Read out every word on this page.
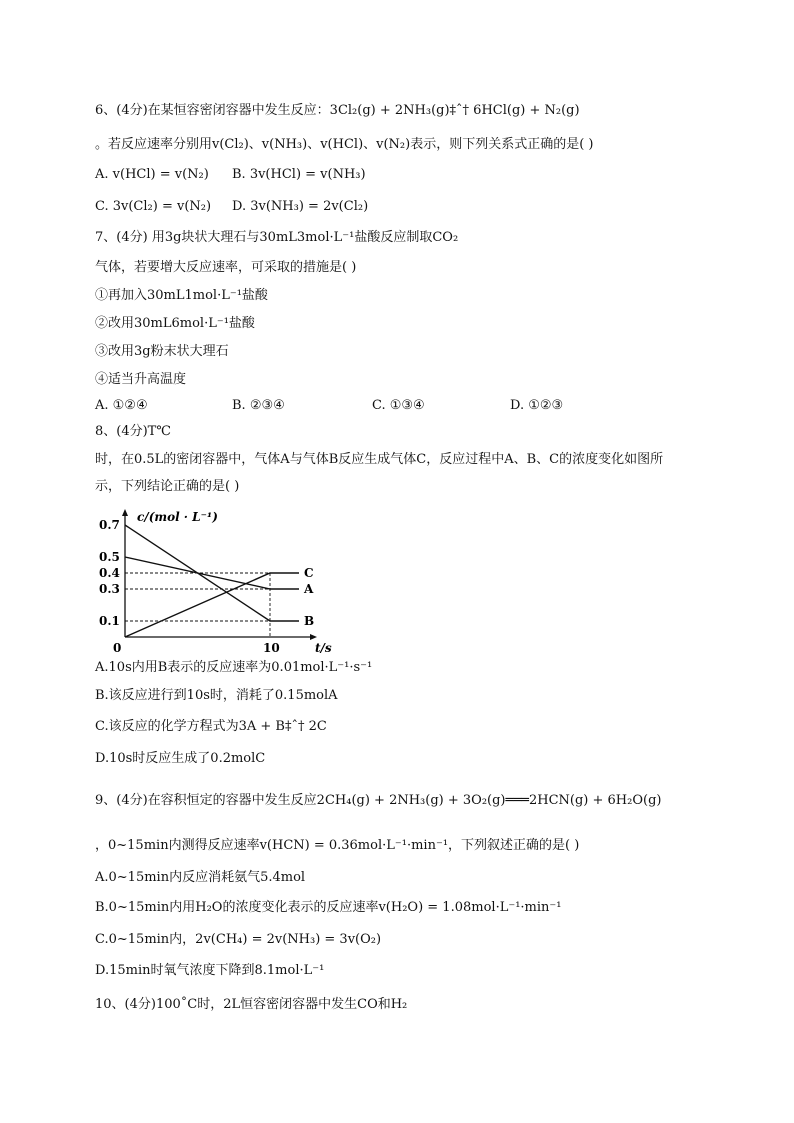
6、(4分)在某恒容密闭容器中发生反应：3Cl₂(g) + 2NH₃(g)‡ˆ† 6HCl(g) + N₂(g)
。若反应速率分别用v(Cl₂)、v(NH₃)、v(HCl)、v(N₂)表示，则下列关系式正确的是( )
A. v(HCl) = v(N₂) B. 3v(HCl) = v(NH₃)
C. 3v(Cl₂) = v(N₂) D. 3v(NH₃) = 2v(Cl₂)
7、(4分) 用3g块状大理石与30mL3mol·L⁻¹盐酸反应制取CO₂
气体，若要增大反应速率，可采取的措施是( )
①再加入30mL1mol·L⁻¹盐酸
②改用30mL6mol·L⁻¹盐酸
③改用3g粉末状大理石
④适当升高温度
A. ①②④	B. ②③④	C. ①③④	D. ①②③
8、(4分)T℃
时，在0.5L的密闭容器中，气体A与气体B反应生成气体C，反应过程中A、B、C的浓度变化如图所
示，下列结论正确的是( )
A
B
C
0.7
0.5
0.4
0.3
0.1
0	10
c/(mol · L⁻¹)
t/s
A.10s内用B表示的反应速率为0.01mol·L⁻¹·s⁻¹
B.该反应进行到10s时，消耗了0.15molA
C.该反应的化学方程式为3A + B‡ˆ† 2C
D.10s时反应生成了0.2molC
9、(4分)在容积恒定的容器中发生反应2CH₄(g) + 2NH₃(g) + 3O₂(g)═══2HCN(g) + 6H₂O(g)
，0~15min内测得反应速率v(HCN) = 0.36mol·L⁻¹·min⁻¹，下列叙述正确的是( )
A.0~15min内反应消耗氨气5.4mol
B.0~15min内用H₂O的浓度变化表示的反应速率v(H₂O) = 1.08mol·L⁻¹·min⁻¹
C.0~15min内，2v(CH₄) = 2v(NH₃) = 3v(O₂)
D.15min时氧气浓度下降到8.1mol·L⁻¹
10、(4分)100˚C时，2L恒容密闭容器中发生CO和H₂
